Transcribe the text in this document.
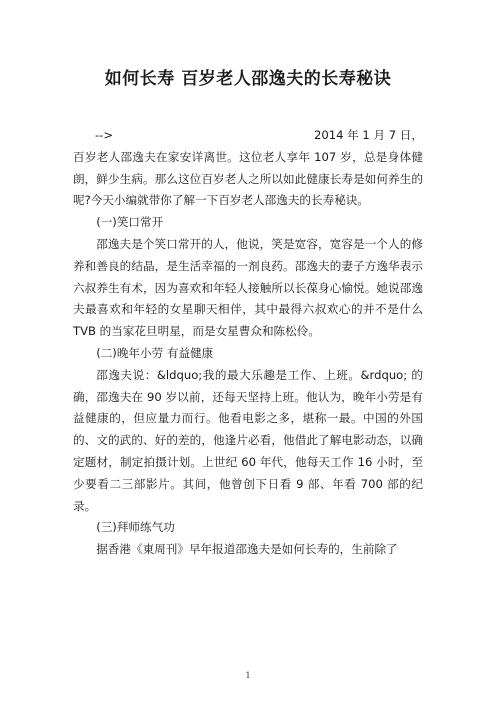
如何长寿 百岁老人邵逸夫的长寿秘诀
-->	2014 年 1 月 7 日，

百岁老人邵逸夫在家安详离世。这位老人享年 107 岁，总是身体健朗，鲜少生病。那么这位百岁老人之所以如此健康长寿是如何养生的呢?今天小编就带你了解一下百岁老人邵逸夫的长寿秘诀。

(一)笑口常开

邵逸夫是个笑口常开的人，他说，笑是宽容，宽容是一个人的修养和善良的结晶，是生活幸福的一剂良药。邵逸夫的妻子方逸华表示六叔养生有术，因为喜欢和年轻人接触所以长葆身心愉悦。她说邵逸夫最喜欢和年轻的女星聊天相伴，其中最得六叔欢心的并不是什么 TVB 的当家花旦明星，而是女星曹众和陈松伶。

(二)晚年小劳 有益健康

邵逸夫说：&ldquo;我的最大乐趣是工作、上班。&rdquo; 的确，邵逸夫在 90 岁以前，还每天坚持上班。他认为，晚年小劳是有益健康的，但应量力而行。他看电影之多，堪称一最。中国的外国的、文的武的、好的差的，他逢片必看，他借此了解电影动态，以确定题材，制定拍摄计划。上世纪 60 年代，他每天工作 16 小时，至少要看二三部影片。其间，他曾创下日看 9 部、年看 700 部的纪录。

(三)拜师练气功

据香港《東周刊》早年报道邵逸夫是如何长寿的，生前除了

1
